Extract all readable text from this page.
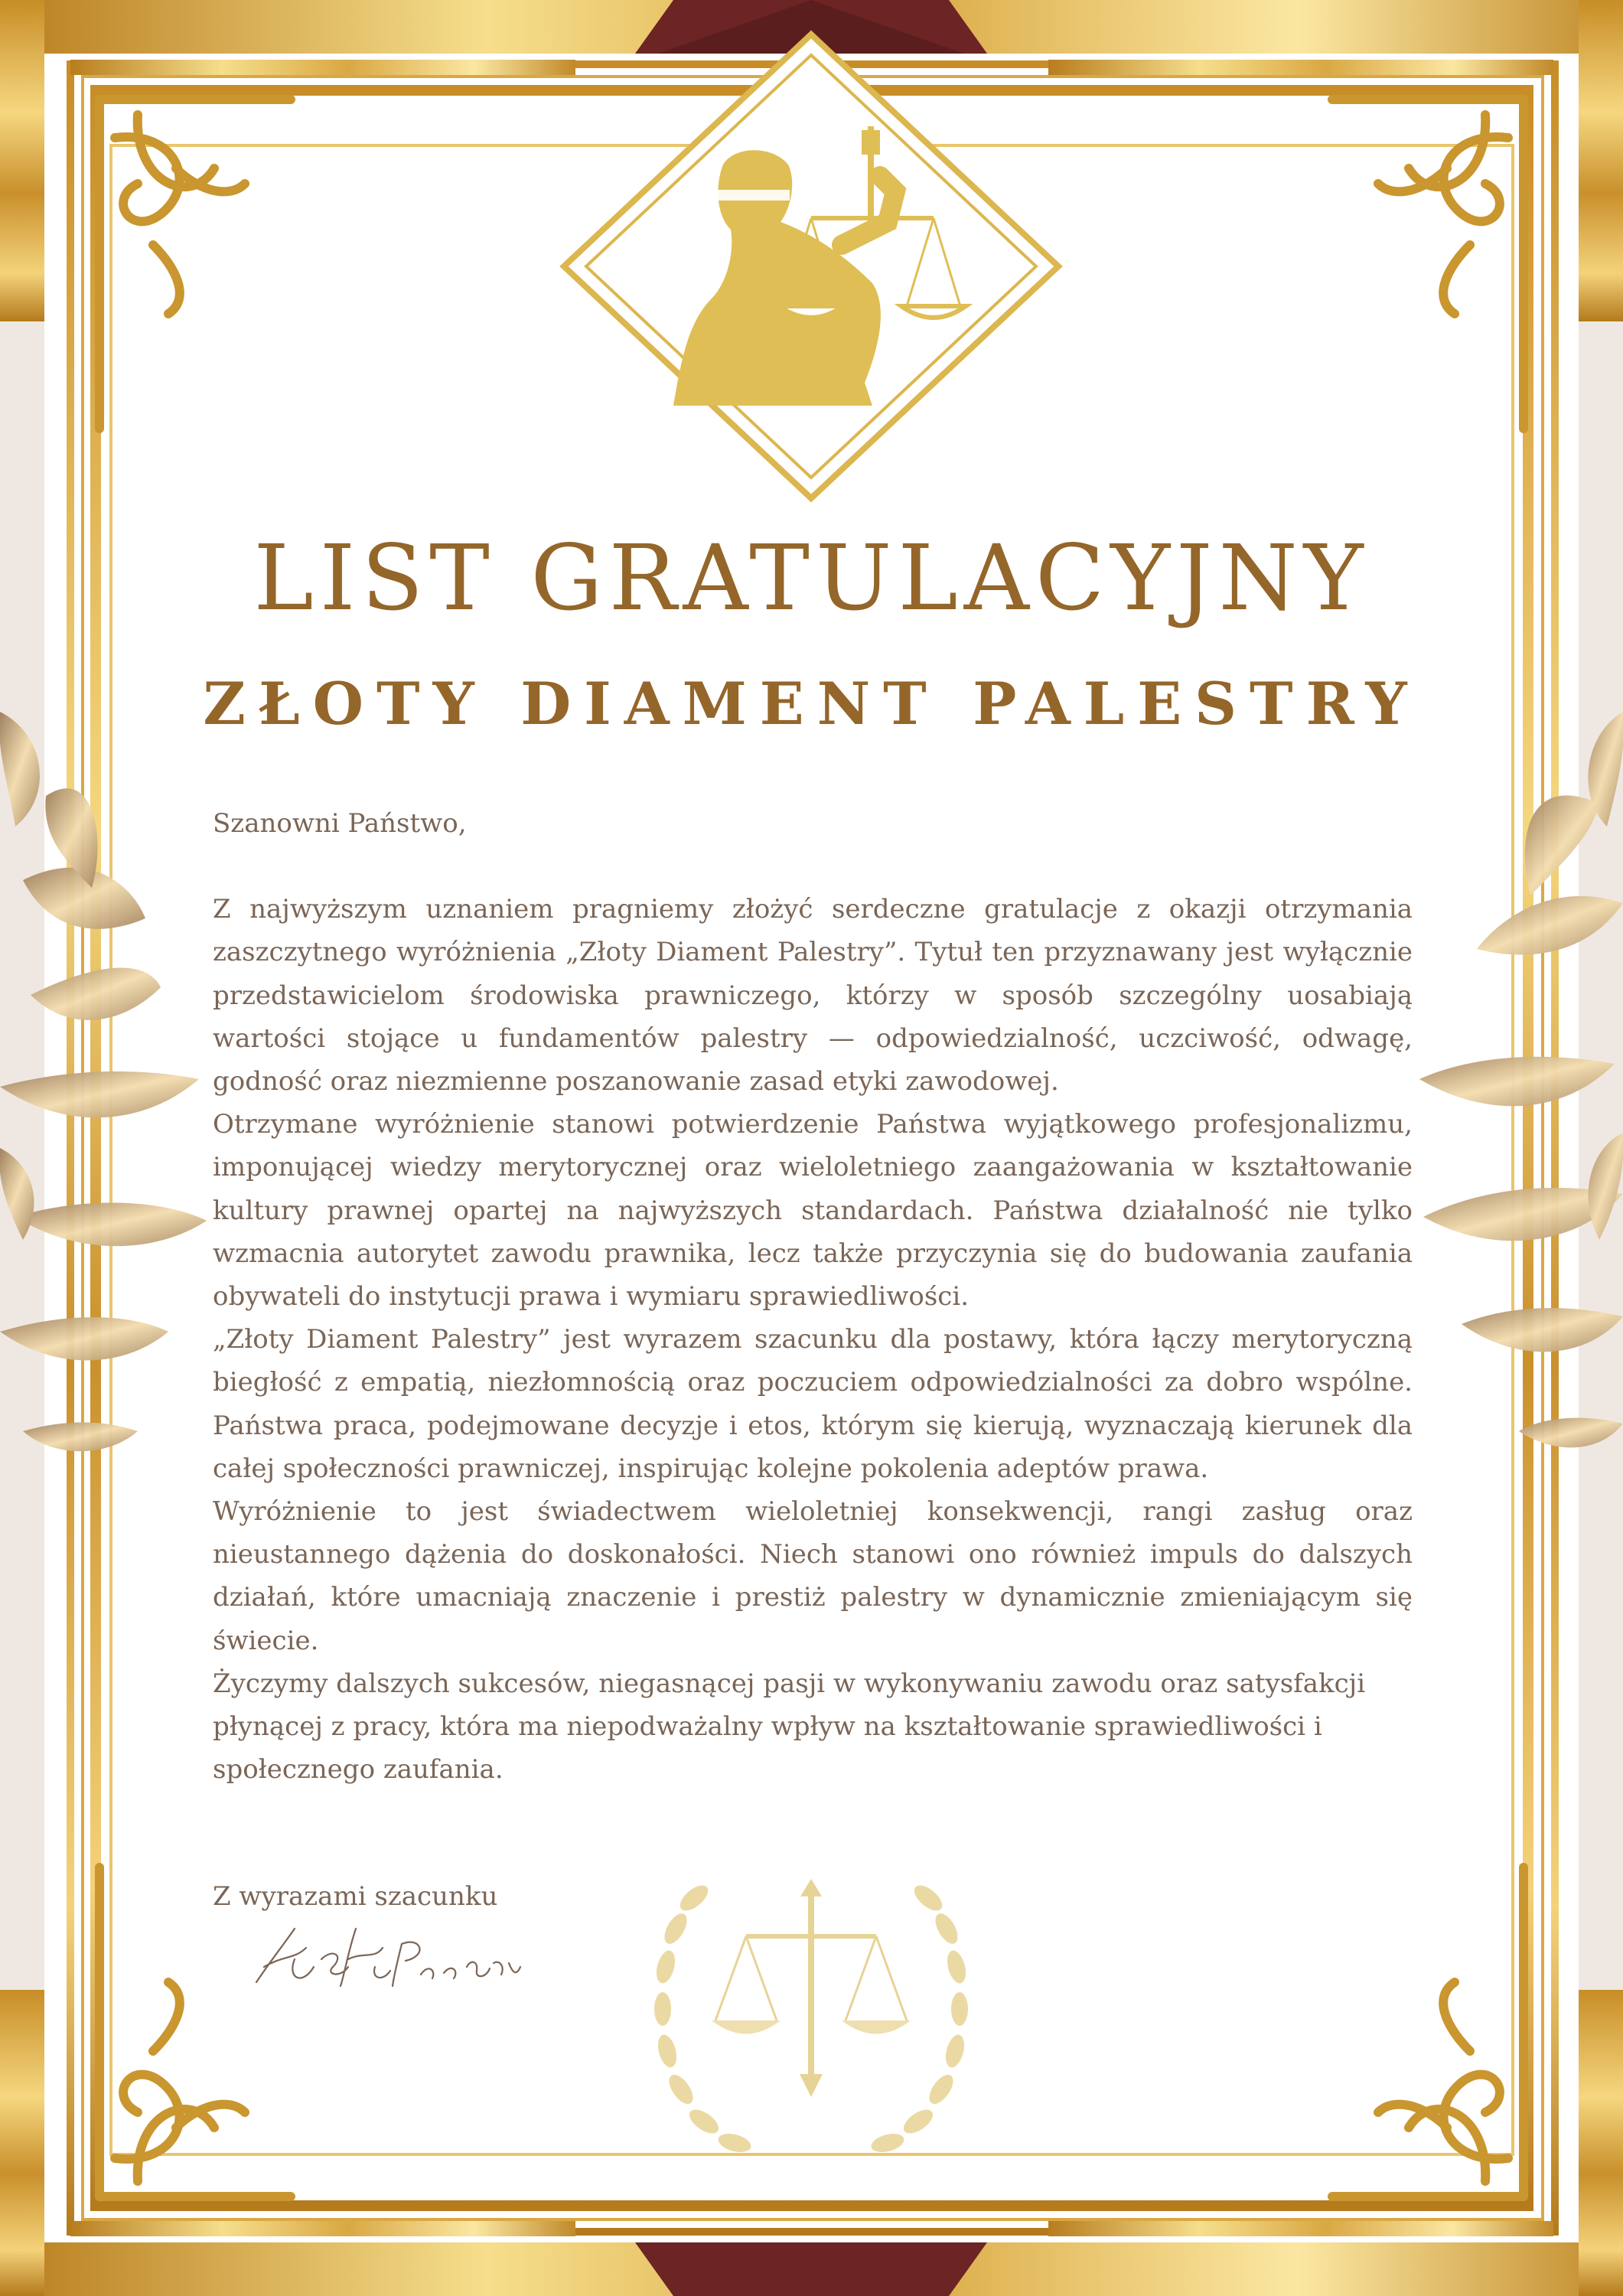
LIST GRATULACYJNY
ZŁOTY DIAMENT PALESTRY

Szanowni Państwo,

Z najwyższym uznaniem pragniemy złożyć serdeczne gratulacje z okazji otrzymania zaszczytnego wyróżnienia „Złoty Diament Palestry”. Tytuł ten przyznawany jest wyłącznie przedstawicielom środowiska prawniczego, którzy w sposób szczególny uosabiają wartości stojące u fundamentów palestry — odpowiedzialność, uczciwość, odwagę, godność oraz niezmienne poszanowanie zasad etyki zawodowej.

Otrzymane wyróżnienie stanowi potwierdzenie Państwa wyjątkowego profesjonalizmu, imponującej wiedzy merytorycznej oraz wieloletniego zaangażowania w kształtowanie kultury prawnej opartej na najwyższych standardach. Państwa działalność nie tylko wzmacnia autorytet zawodu prawnika, lecz także przyczynia się do budowania zaufania obywateli do instytucji prawa i wymiaru sprawiedliwości.

„Złoty Diament Palestry” jest wyrazem szacunku dla postawy, która łączy merytoryczną biegłość z empatią, niezłomnością oraz poczuciem odpowiedzialności za dobro wspólne. Państwa praca, podejmowane decyzje i etos, którym się kierują, wyznaczają kierunek dla całej społeczności prawniczej, inspirując kolejne pokolenia adeptów prawa.

Wyróżnienie to jest świadectwem wieloletniej konsekwencji, rangi zasług oraz nieustannego dążenia do doskonałości. Niech stanowi ono również impuls do dalszych działań, które umacniają znaczenie i prestiż palestry w dynamicznie zmieniającym się świecie.

Życzymy dalszych sukcesów, niegasnącej pasji w wykonywaniu zawodu oraz satysfakcji płynącej z pracy, która ma niepodważalny wpływ na kształtowanie sprawiedliwości i społecznego zaufania.

Z wyrazami szacunku
